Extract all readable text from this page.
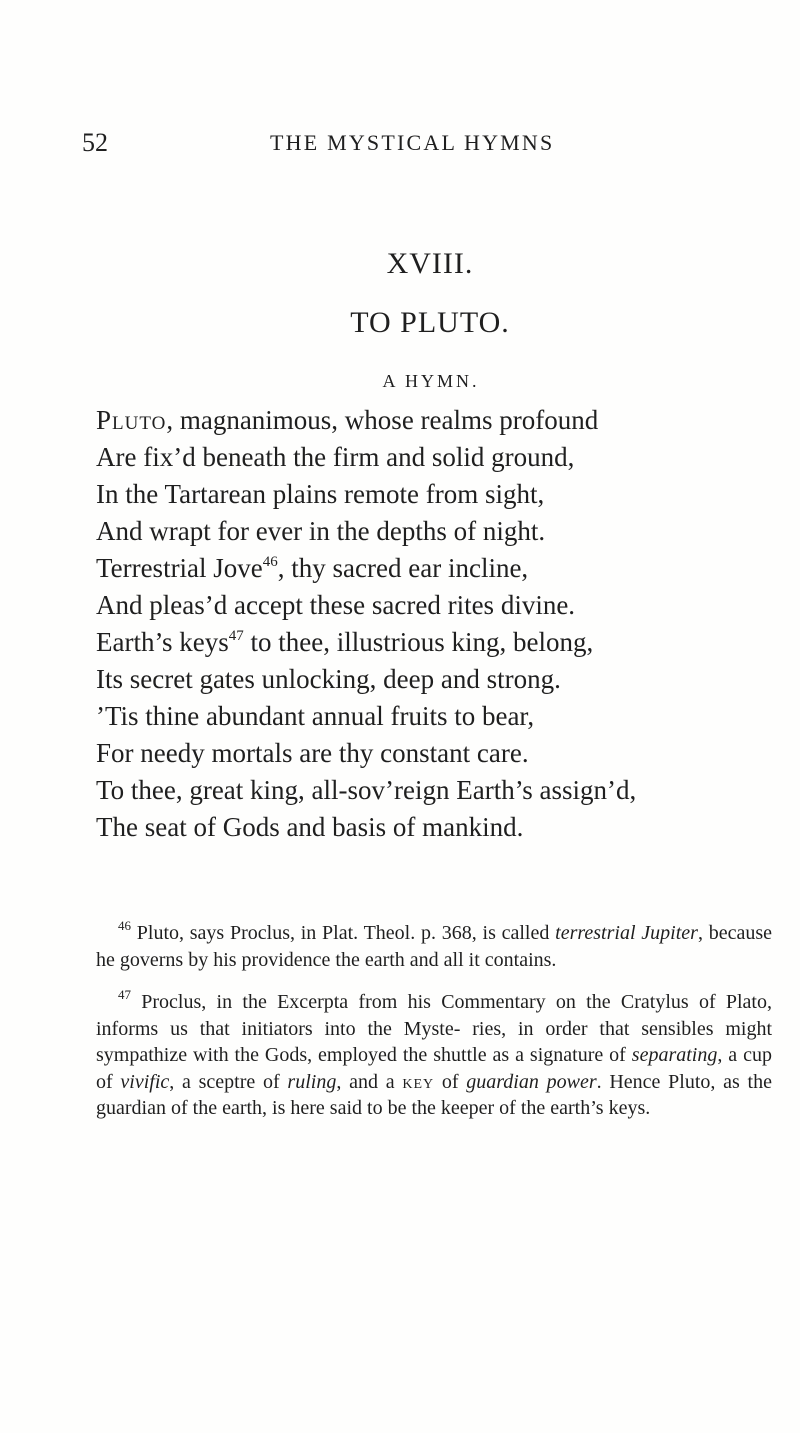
52	THE MYSTICAL HYMNS
XVIII.
TO PLUTO.
A HYMN.
Pluto, magnanimous, whose realms profound
Are fix’d beneath the firm and solid ground,
In the Tartarean plains remote from sight,
And wrapt for ever in the depths of night.
Terrestrial Jove$^{46}$, thy sacred ear incline,
And pleas’d accept these sacred rites divine.
Earth’s keys$^{47}$ to thee, illustrious king, belong,
Its secret gates unlocking, deep and strong.
’Tis thine abundant annual fruits to bear,
For needy mortals are thy constant care.
To thee, great king, all-sov’reign Earth’s assign’d,
The seat of Gods and basis of mankind.

$^{46}$ Pluto, says Proclus, in Plat. Theol. p. 368, is called terrestrial Jupiter, because he governs by his providence the earth and all it contains.

$^{47}$ Proclus, in the Excerpta from his Commentary on the Cratylus of Plato, informs us that initiators into the Myste- ries, in order that sensibles might sympathize with the Gods, employed the shuttle as a signature of separating, a cup of vivific, a sceptre of ruling, and a key of guardian power. Hence Pluto, as the guardian of the earth, is here said to be the keeper of the earth’s keys.
